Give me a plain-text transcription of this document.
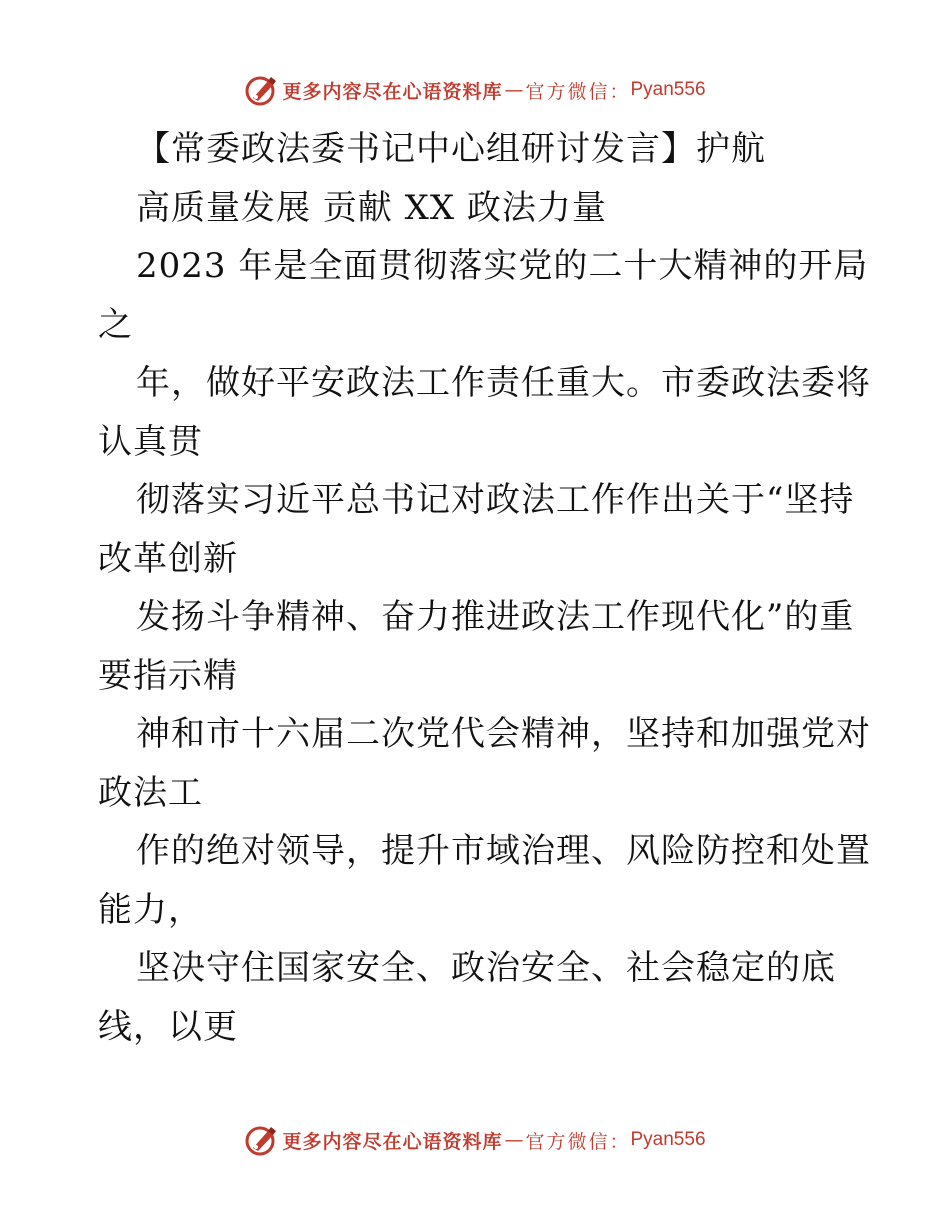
更多内容尽在心语资料库 — 官方微信： Pyan556
【常委政法委书记中心组研讨发言】护航
高质量发展 贡献 XX 政法力量
2023 年是全面贯彻落实党的二十大精神的开局
之
年，做好平安政法工作责任重大。市委政法委将
认真贯
彻落实习近平总书记对政法工作作出关于“坚持
改革创新
发扬斗争精神、奋力推进政法工作现代化”的重
要指示精
神和市十六届二次党代会精神，坚持和加强党对
政法工
作的绝对领导，提升市域治理、风险防控和处置
能力，
坚决守住国家安全、政治安全、社会稳定的底
线，以更
更多内容尽在心语资料库 — 官方微信： Pyan556
